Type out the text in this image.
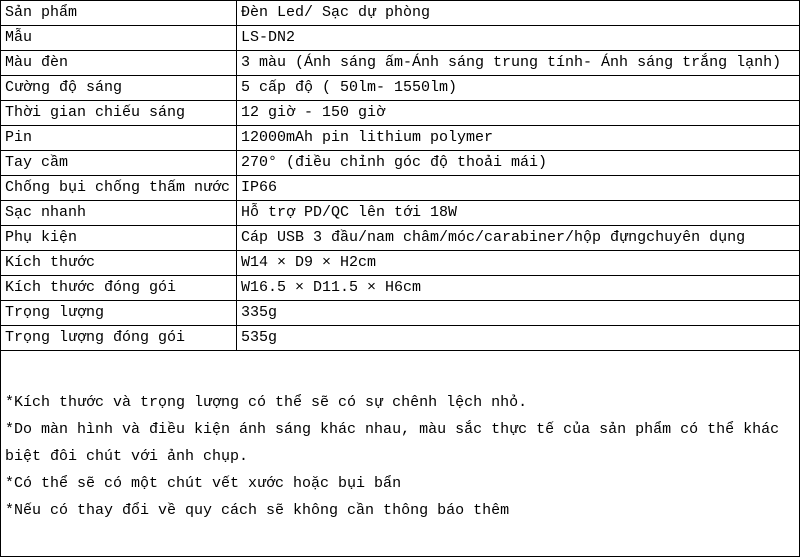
Sản phẩm	Đèn Led/ Sạc dự phòng
Mẫu	LS-DN2
Màu đèn	3 màu (Ánh sáng ấm-Ánh sáng trung tính- Ánh sáng trắng lạnh)
Cường độ sáng	5 cấp độ ( 50lm- 1550lm)
Thời gian chiếu sáng	12 giờ - 150 giờ
Pin	12000mAh pin lithium polymer
Tay cầm	270° (điều chỉnh góc độ thoải mái)
Chống bụi chống thấm nước	IP66
Sạc nhanh	Hỗ trợ PD/QC lên tới 18W
Phụ kiện	Cáp USB 3 đầu/nam châm/móc/carabiner/hộp đựngchuyên dụng
Kích thước	W14 × D9 × H2cm
Kích thước đóng gói	W16.5 × D11.5 × H6cm
Trọng lượng	335g
Trọng lượng đóng gói	535g
*Kích thước và trọng lượng có thể sẽ có sự chênh lệch nhỏ.
*Do màn hình và điều kiện ánh sáng khác nhau, màu sắc thực tế của sản phẩm có thể khác
biệt đôi chút với ảnh chụp.
*Có thể sẽ có một chút vết xước hoặc bụi bẩn
*Nếu có thay đổi về quy cách sẽ không cần thông báo thêm
